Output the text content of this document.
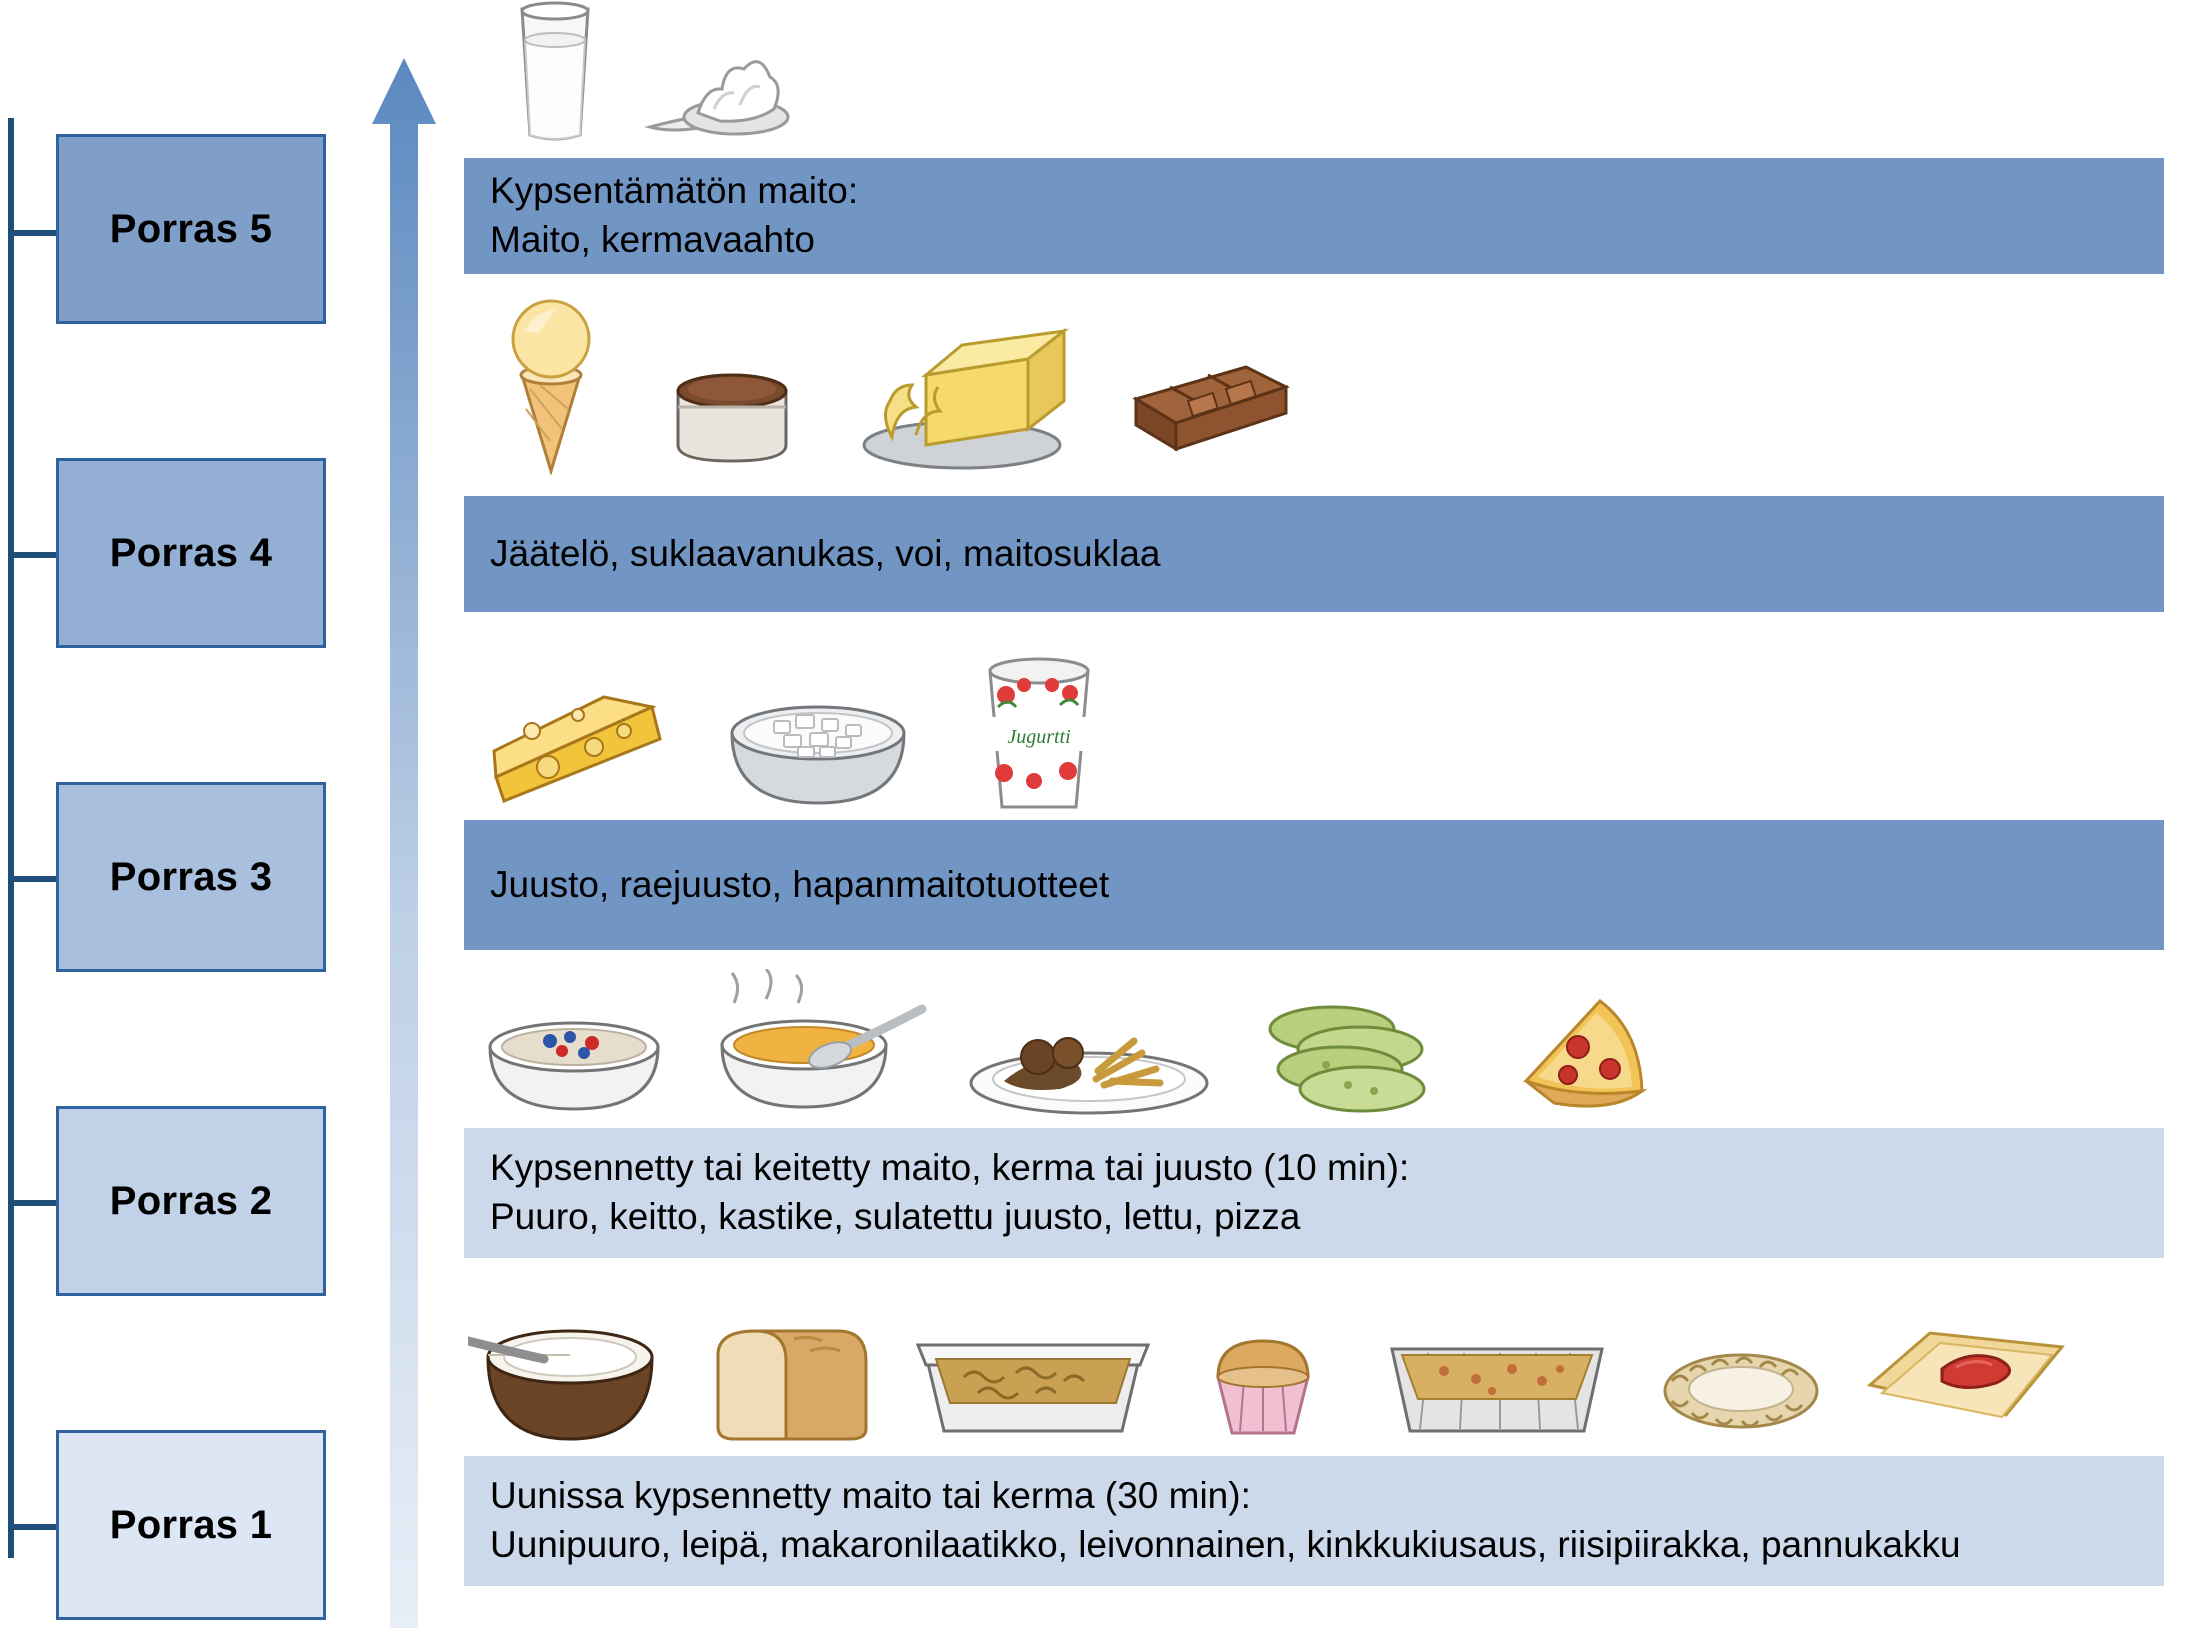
Porras 5
Porras 4
Porras 3
Porras 2
Porras 1
Kypsentämätön maito:
Maito, kermavaahto
Jäätelö, suklaavanukas, voi, maitosuklaa
Jugurtti
Juusto, raejuusto, hapanmaitotuotteet
Kypsennetty tai keitetty maito, kerma tai juusto (10 min):
Puuro, keitto, kastike, sulatettu juusto, lettu, pizza
Uunissa kypsennetty maito tai kerma (30 min):
Uunipuuro, leipä, makaronilaatikko, leivonnainen, kinkkukiusaus, riisipiirakka, pannukakku
